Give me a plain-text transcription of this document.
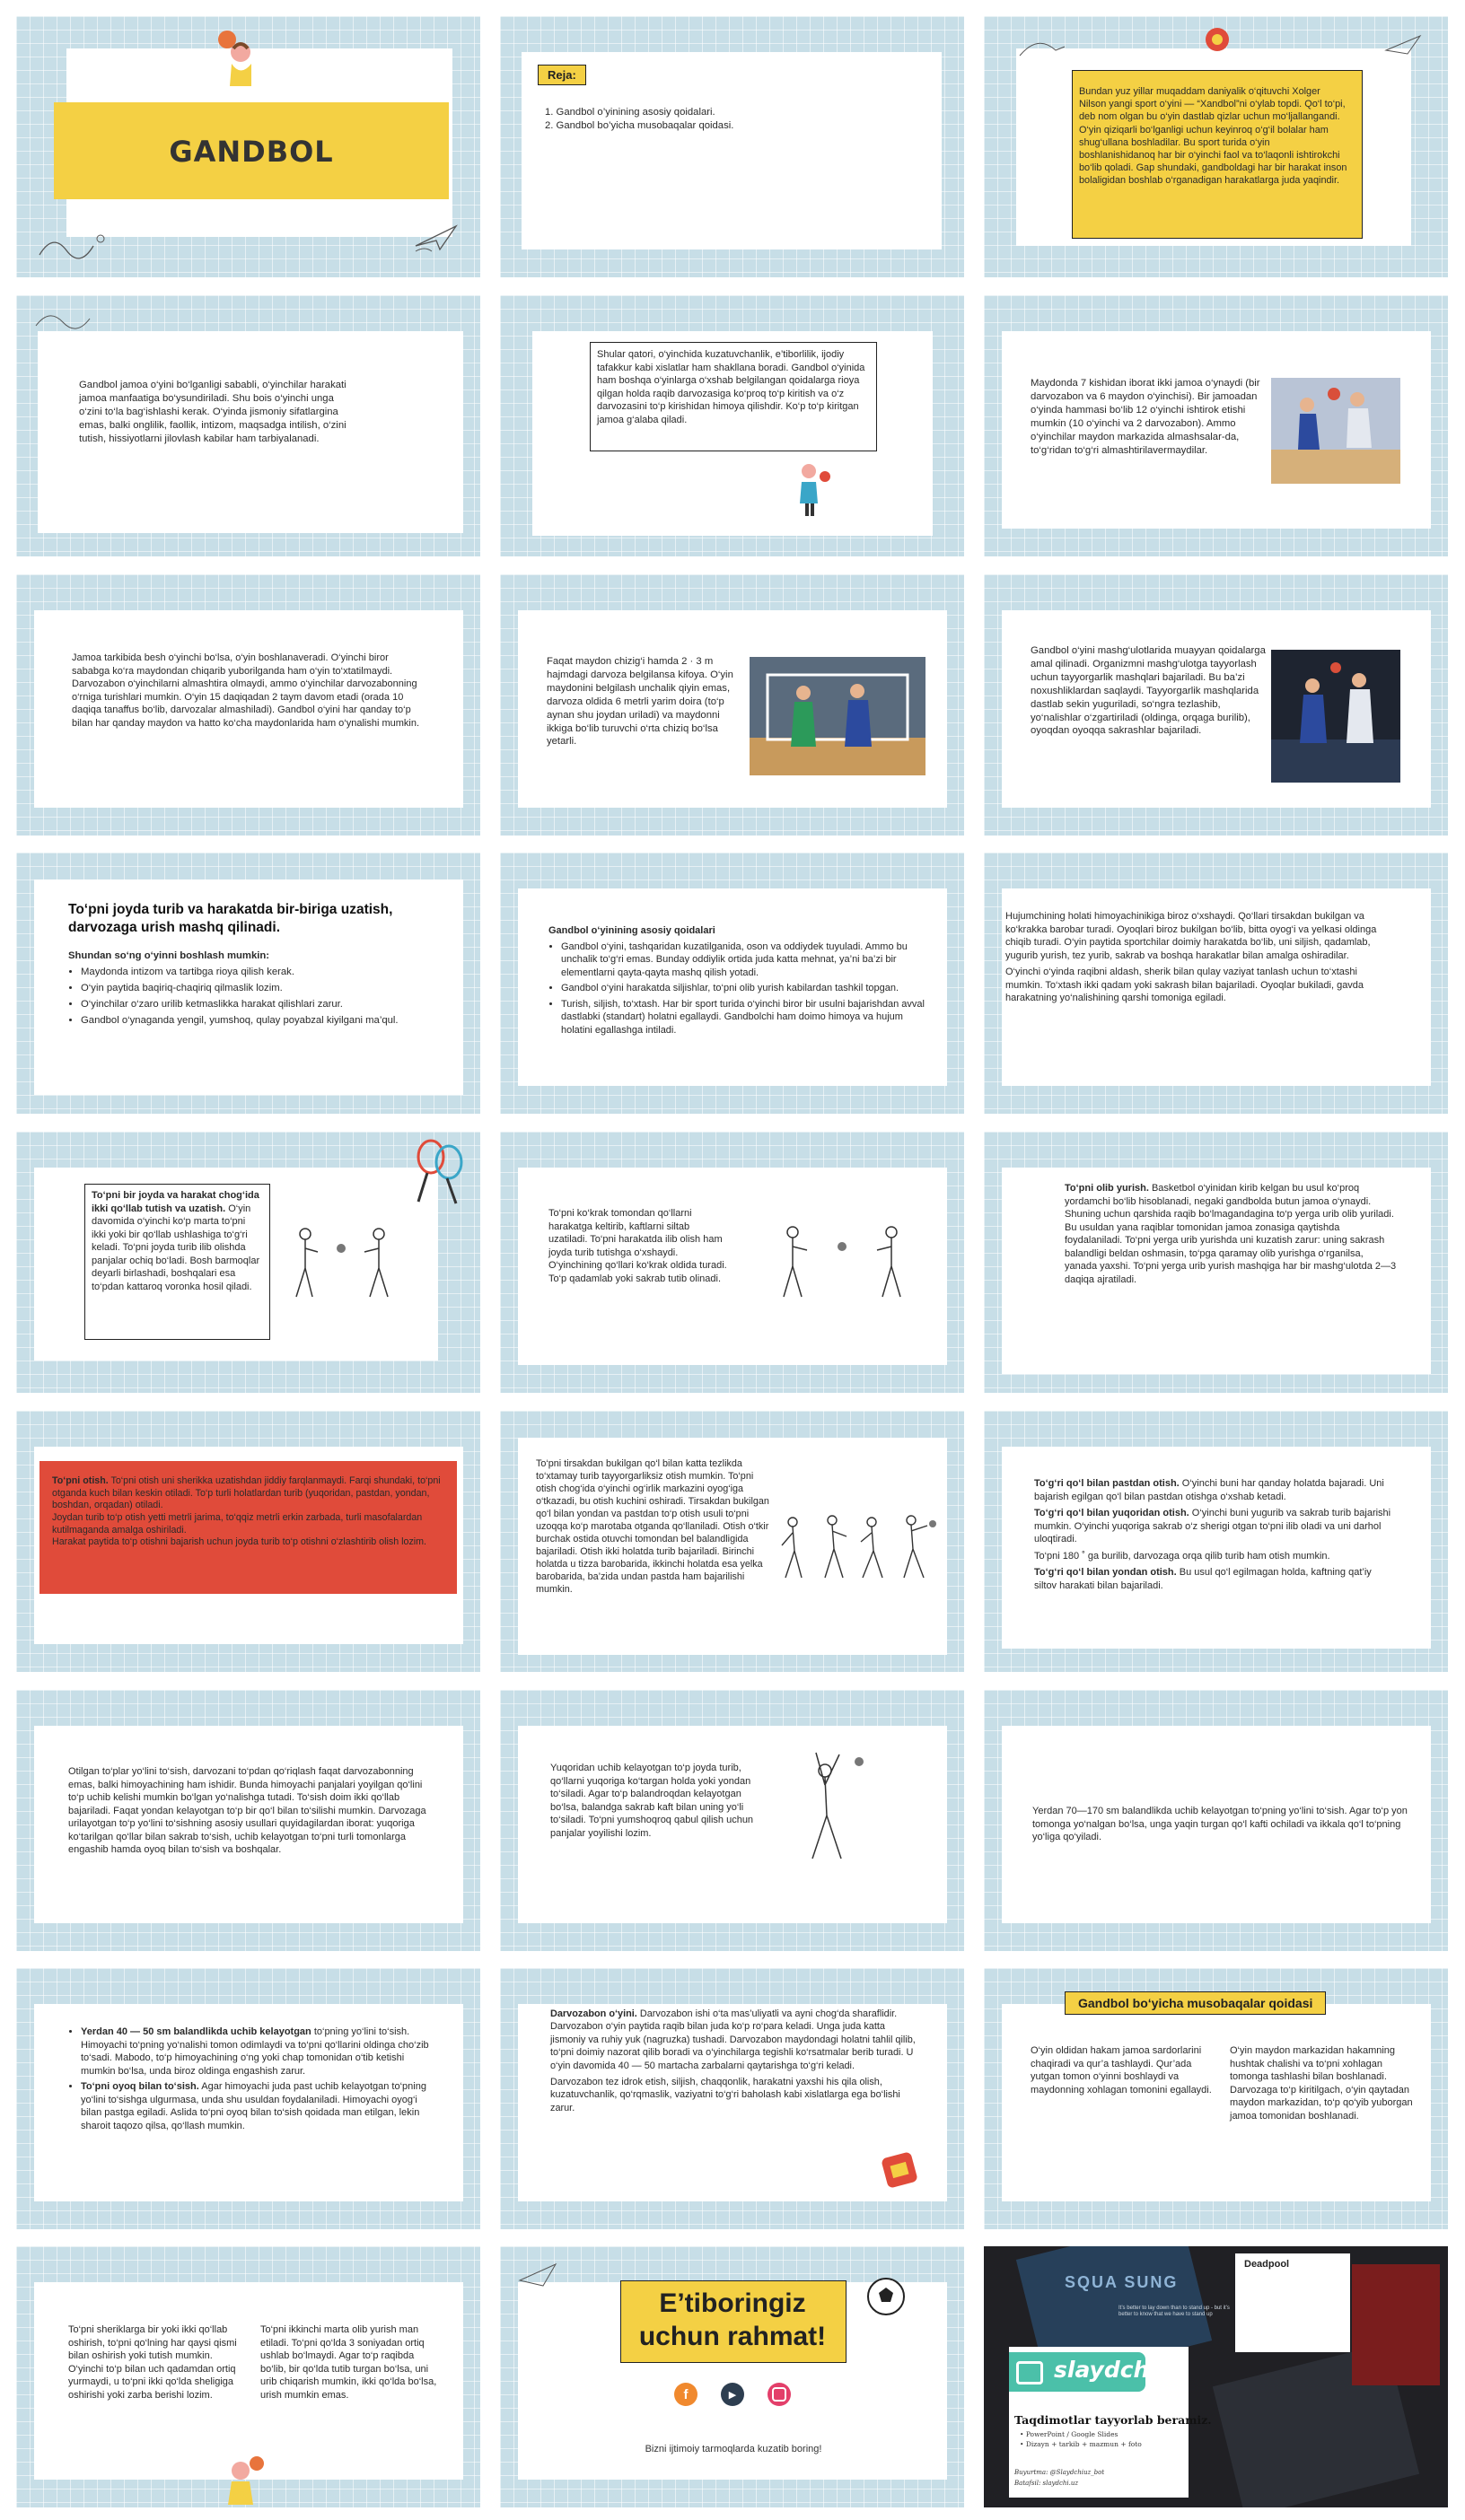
GANDBOL
Reja:
1. Gandbol o’yinining asosiy qoidalari.
2. Gandbol bo’yicha musobaqalar qoidasi.
Bundan yuz yillar muqaddam daniyalik o‘qituvchi Xolger Nilson yangi sport o‘yini — “Xandbol”ni o‘ylab topdi. Qo‘l to‘pi, deb nom olgan bu o‘yin dastlab qizlar uchun mo‘ljallangandi. O‘yin qiziqarli bo‘lganligi uchun keyinroq o‘g‘il bolalar ham shug‘ullana boshladilar. Bu sport turida o‘yin boshlanishidanoq har bir o‘yinchi faol va to‘laqonli ishtirokchi bo‘lib qoladi. Gap shundaki, gandboldagi har bir harakat inson bolaligidan boshlab o‘rganadigan harakatlarga juda yaqindir.
Gandbol jamoa o‘yini bo‘lganligi sababli, o‘yinchilar harakati jamoa manfaatiga bo‘ysundiriladi. Shu bois o‘yinchi unga o‘zini to‘la bag‘ishlashi kerak. O‘yinda jismoniy sifatlargina emas, balki onglilik, faollik, intizom, maqsadga intilish, o‘zini tutish, hissiyotlarni jilovlash kabilar ham tarbiyalanadi.
Shular qatori, o‘yinchida kuzatuvchanlik, e’tiborlilik, ijodiy tafakkur kabi xislatlar ham shakllana boradi. Gandbol o‘yinida ham boshqa o‘yinlarga o‘xshab belgilangan qoidalarga rioya qilgan holda raqib darvozasiga ko‘proq to‘p kiritish va o‘z darvozasini to‘p kirishidan himoya qilishdir. Ko‘p to‘p kiritgan jamoa g‘alaba qiladi.
Maydonda 7 kishidan iborat ikki jamoa o‘ynaydi (bir darvozabon va 6 maydon o‘yinchisi). Bir jamoadan o‘yinda hammasi bo‘lib 12 o‘yinchi ishtirok etishi mumkin (10 o‘yinchi va 2 darvozabon). Ammo o‘yinchilar maydon markazida almashsalar-da, to‘g‘ridan to‘g‘ri almashtirilavermaydilar.
Jamoa tarkibida besh o‘yinchi bo‘lsa, o‘yin boshlanaveradi. O‘yinchi biror sababga ko‘ra maydondan chiqarib yuborilganda ham o‘yin to‘xtatilmaydi. Darvozabon o‘yinchilarni almashtira olmaydi, ammo o‘yinchilar darvozabonning o‘rniga turishlari mumkin. O‘yin 15 daqiqadan 2 taym davom etadi (orada 10 daqiqa tanaffus bo‘lib, darvozalar almashiladi). Gandbol o‘yini har qanday to‘p bilan har qanday maydon va hatto ko‘cha maydonlarida ham o‘ynalishi mumkin.
Faqat maydon chizig‘i hamda 2 · 3 m hajmdagi darvoza belgilansa kifoya. O‘yin maydonini belgilash unchalik qiyin emas, darvoza oldida 6 metrli yarim doira (to‘p aynan shu joydan uriladi) va maydonni ikkiga bo‘lib turuvchi o‘rta chiziq bo‘lsa yetarli.
Gandbol o‘yini mashg‘ulotlarida muayyan qoidalarga amal qilinadi. Organizmni mashg‘ulotga tayyorlash uchun tayyorgarlik mashqlari bajariladi. Bu ba’zi noxushliklardan saqlaydi. Tayyorgarlik mashqlarida dastlab sekin yuguriladi, so‘ngra tezlashib, yo‘nalishlar o‘zgartiriladi (oldinga, orqaga burilib), oyoqdan oyoqqa sakrashlar bajariladi.
To‘pni joyda turib va harakatda bir-biriga uzatish, darvozaga urish mashq qilinadi.
Shundan so‘ng o‘yinni boshlash mumkin:
• Maydonda intizom va tartibga rioya qilish kerak.
• O‘yin paytida baqiriq-chaqiriq qilmaslik lozim.
• O‘yinchilar o‘zaro urilib ketmaslikka harakat qilishlari zarur.
• Gandbol o‘ynaganda yengil, yumshoq, qulay poyabzal kiyilgani ma’qul.
Gandbol o‘yinining asosiy qoidalari
• Gandbol o‘yini, tashqaridan kuzatilganida, oson va oddiydek tuyuladi. Ammo bu unchalik to‘g‘ri emas. Bunday oddiylik ortida juda katta mehnat, ya’ni ba’zi bir elementlarni qayta-qayta mashq qilish yotadi.
• Gandbol o‘yini harakatda siljishlar, to‘pni olib yurish kabilardan tashkil topgan.
• Turish, siljish, to‘xtash. Har bir sport turida o‘yinchi biror bir usulni bajarishdan avval dastlabki (standart) holatni egallaydi. Gandbolchi ham doimo himoya va hujum holatini egallashga intiladi.

Hujumchining holati himoyachinikiga biroz o‘xshaydi. Qo‘llari tirsakdan bukilgan va ko‘krakka barobar turadi. Oyoqlari biroz bukilgan bo‘lib, bitta oyog‘i va yelkasi oldinga chiqib turadi. O‘yin paytida sportchilar doimiy harakatda bo‘lib, uni siljish, qadamlab, yugurib yurish, tez yurib, sakrab va boshqa harakatlar bilan amalga oshiradilar.

O‘yinchi o‘yinda raqibni aldash, sherik bilan qulay vaziyat tanlash uchun to‘xtashi mumkin. To‘xtash ikki qadam yoki sakrash bilan bajariladi. Oyoqlar bukiladi, gavda harakatning yo‘nalishining qarshi tomoniga egiladi.

To‘pni bir joyda va harakat chog‘ida ikki qo‘llab tutish va uzatish. O‘yin davomida o‘yinchi ko‘p marta to‘pni ikki yoki bir qo‘llab ushlashiga to‘g‘ri keladi. To‘pni joyda turib ilib olishda panjalar ochiq bo‘ladi. Bosh barmoqlar deyarli birlashadi, boshqalari esa to‘pdan kattaroq voronka hosil qiladi.
To‘pni ko‘krak tomondan qo‘llarni harakatga keltirib, kaftlarni siltab uzatiladi. To‘pni harakatda ilib olish ham joyda turib tutishga o‘xshaydi. O‘yinchining qo‘llari ko‘krak oldida turadi. To‘p qadamlab yoki sakrab tutib olinadi.
To‘pni olib yurish. Basketbol o‘yinidan kirib kelgan bu usul ko‘proq yordamchi bo‘lib hisoblanadi, negaki gandbolda butun jamoa o‘ynaydi. Shuning uchun qarshida raqib bo‘lmagandagina to‘p yerga urib olib yuriladi. Bu usuldan yana raqiblar tomonidan jamoa zonasiga qaytishda foydalaniladi. To‘pni yerga urib yurishda uni kuzatish zarur: uning sakrash balandligi beldan oshmasin, to‘pga qaramay olib yurishga o‘rganilsa, yanada yaxshi. To‘pni yerga urib yurish mashqiga har bir mashg‘ulotda 2—3 daqiqa ajratiladi.

To‘pni otish. To‘pni otish uni sherikka uzatishdan jiddiy farqlanmaydi. Farqi shundaki, to‘pni otganda kuch bilan keskin otiladi. To‘p turli holatlardan turib (yuqoridan, pastdan, yondan, boshdan, orqadan) otiladi.

Joydan turib to‘p otish yetti metrli jarima, to‘qqiz metrli erkin zarbada, turli masofalardan kutilmaganda amalga oshiriladi.

Harakat paytida to‘p otishni bajarish uchun joyda turib to‘p otishni o‘zlashtirib olish lozim.

To‘pni tirsakdan bukilgan qo‘l bilan katta tezlikda to‘xtamay turib tayyorgarliksiz otish mumkin. To‘pni otish chog‘ida o‘yinchi og‘irlik markazini oyog‘iga o‘tkazadi, bu otish kuchini oshiradi. Tirsakdan bukilgan qo‘l bilan yondan va pastdan to‘p otish usuli to‘pni uzoqqa ko‘p marotaba otganda qo‘llaniladi. Otish o‘tkir burchak ostida otuvchi tomondan bel balandligida bajariladi. Otish ikki holatda turib bajariladi. Birinchi holatda u tizza barobarida, ikkinchi holatda esa yelka barobarida, ba’zida undan pastda ham bajarilishi mumkin.

To‘g‘ri qo‘l bilan pastdan otish. O‘yinchi buni har qanday holatda bajaradi. Uni bajarish egilgan qo‘l bilan pastdan otishga o‘xshab ketadi.

To‘g‘ri qo‘l bilan yuqoridan otish. O‘yinchi buni yugurib va sakrab turib bajarishi mumkin. O‘yinchi yuqoriga sakrab o‘z sherigi otgan to‘pni ilib oladi va uni darhol uloqtiradi.

To‘pni 180 ˚ ga burilib, darvozaga orqa qilib turib ham otish mumkin.

To‘g‘ri qo‘l bilan yondan otish. Bu usul qo‘l egilmagan holda, kaftning qat’iy siltov harakati bilan bajariladi.

Otilgan to‘plar yo‘lini to‘sish, darvozani to‘pdan qo‘riqlash faqat darvozabonning emas, balki himoyachining ham ishidir. Bunda himoyachi panjalari yoyilgan qo‘lini to‘p uchib kelishi mumkin bo‘lgan yo‘nalishga tutadi. To‘sish doim ikki qo‘llab bajariladi. Faqat yondan kelayotgan to‘p bir qo‘l bilan to‘silishi mumkin. Darvozaga urilayotgan to‘p yo‘lini to‘sishning asosiy usullari quyidagilardan iborat: yuqoriga ko‘tarilgan qo‘llar bilan sakrab to‘sish, uchib kelayotgan to‘pni turli tomonlarga engashib hamda oyoq bilan to‘sish va boshqalar.
Yuqoridan uchib kelayotgan to‘p joyda turib, qo‘llarni yuqoriga ko‘targan holda yoki yondan to‘siladi. Agar to‘p balandroqdan kelayotgan bo‘lsa, balandga sakrab kaft bilan uning yo‘li to‘siladi. To‘pni yumshoqroq qabul qilish uchun panjalar yoyilishi lozim.
Yerdan 70—170 sm balandlikda uchib kelayotgan to‘pning yo‘lini to‘sish. Agar to‘p yon tomonga yo‘nalgan bo‘lsa, unga yaqin turgan qo‘l kafti ochiladi va ikkala qo‘l to‘pning yo‘liga qo‘yiladi.
• Yerdan 40 — 50 sm balandlikda uchib kelayotgan to‘pning yo‘lini to‘sish. Himoyachi to‘pning yo‘nalishi tomon odimlaydi va to‘pni qo‘llarini oldinga cho‘zib to‘sadi. Mabodo, to‘p himoyachining o‘ng yoki chap tomonidan o‘tib ketishi mumkin bo‘lsa, unda biroz oldinga engashish zarur.
• To‘pni oyoq bilan to‘sish. Agar himoyachi juda past uchib kelayotgan to‘pning yo‘lini to‘sishga ulgurmasa, unda shu usuldan foydalaniladi. Himoyachi oyog‘i bilan pastga egiladi. Aslida to‘pni oyoq bilan to‘sish qoidada man etilgan, lekin sharoit taqozo qilsa, qo‘llash mumkin.

Darvozabon o‘yini. Darvozabon ishi o‘ta mas’uliyatli va ayni chog‘da sharaflidir. Darvozabon o‘yin paytida raqib bilan juda ko‘p ro‘para keladi. Unga juda katta jismoniy va ruhiy yuk (nagruzka) tushadi. Darvozabon maydondagi holatni tahlil qilib, to‘pni doimiy nazorat qilib boradi va o‘yinchilarga tegishli ko‘rsatmalar berib turadi. U o‘yin davomida 40 — 50 martacha zarbalarni qaytarishga to‘g‘ri keladi.

Darvozabon tez idrok etish, siljish, chaqqonlik, harakatni yaxshi his qila olish, kuzatuvchanlik, qo‘rqmaslik, vaziyatni to‘g‘ri baholash kabi xislatlarga ega bo‘lishi zarur.

Gandbol bo‘yicha musobaqalar qoidasi
O‘yin oldidan hakam jamoa sardorlarini chaqiradi va qur’a tashlaydi. Qur’ada yutgan tomon o‘yinni boshlaydi va maydonning xohlagan tomonini egallaydi.
O‘yin maydon markazidan hakamning hushtak chalishi va to‘pni xohlagan tomonga tashlashi bilan boshlanadi. Darvozaga to‘p kiritilgach, o‘yin qaytadan maydon markazidan, to‘p qo‘yib yuborgan jamoa tomonidan boshlanadi.
To‘pni sheriklarga bir yoki ikki qo‘llab oshirish, to‘pni qo‘lning har qaysi qismi bilan oshirish yoki tutish mumkin. O‘yinchi to‘p bilan uch qadamdan ortiq yurmaydi, u to‘pni ikki qo‘lda sheligiga oshirishi yoki zarba berishi lozim.
To‘pni ikkinchi marta olib yurish man etiladi. To‘pni qo‘lda 3 soniyadan ortiq ushlab bo‘lmaydi. Agar to‘p raqibda bo‘lib, bir qo‘lda tutib turgan bo‘lsa, uni urib chiqarish mumkin, ikki qo‘lda bo‘lsa, urish mumkin emas.
E’tiboringiz
uchun rahmat!
f	▶
Bizni ijtimoiy tarmoqlarda kuzatib boring!
Deadpool
It’s better to lay down than to stand up - but it’s better to know that we have to stand up
SQUA SUNG
slaydchi
Taqdimotlar tayyorlab beramiz.
• PowerPoint / Google Slides
• Dizayn + tarkib + mazmun + foto
Buyurtma: @Slaydchiuz_bot
Batafsil: slaydchi.uz
